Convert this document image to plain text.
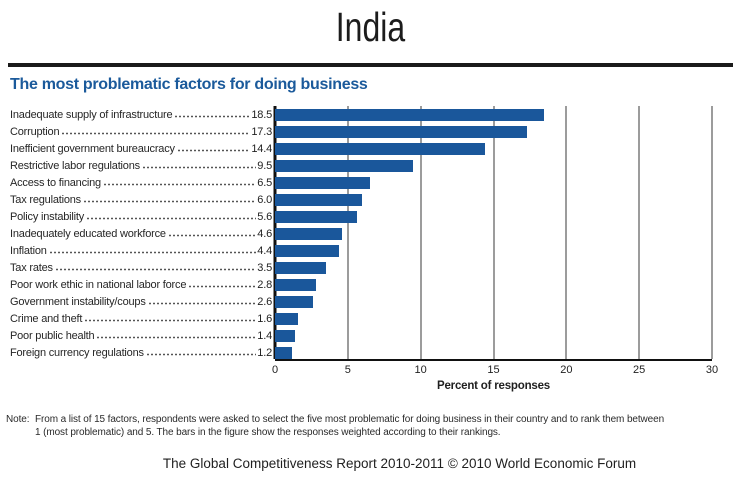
India
The most problematic factors for doing business
Inadequate supply of infrastructure	18.5
Corruption	17.3
Inefficient government bureaucracy	14.4
Restrictive labor regulations	9.5
Access to financing	6.5
Tax regulations	6.0
Policy instability	5.6
Inadequately educated workforce	4.6
Inflation	4.4
Tax rates	3.5
Poor work ethic in national labor force	2.8
Government instability/coups	2.6
Crime and theft	1.6
Poor public health	1.4
Foreign currency regulations	1.2
0	5	10	15	20	25	30
Percent of responses
Note: From a list of 15 factors, respondents were asked to select the five most problematic for doing business in their country and to rank them between
1 (most problematic) and 5. The bars in the figure show the responses weighted according to their rankings.
The Global Competitiveness Report 2010-2011 © 2010 World Economic Forum
